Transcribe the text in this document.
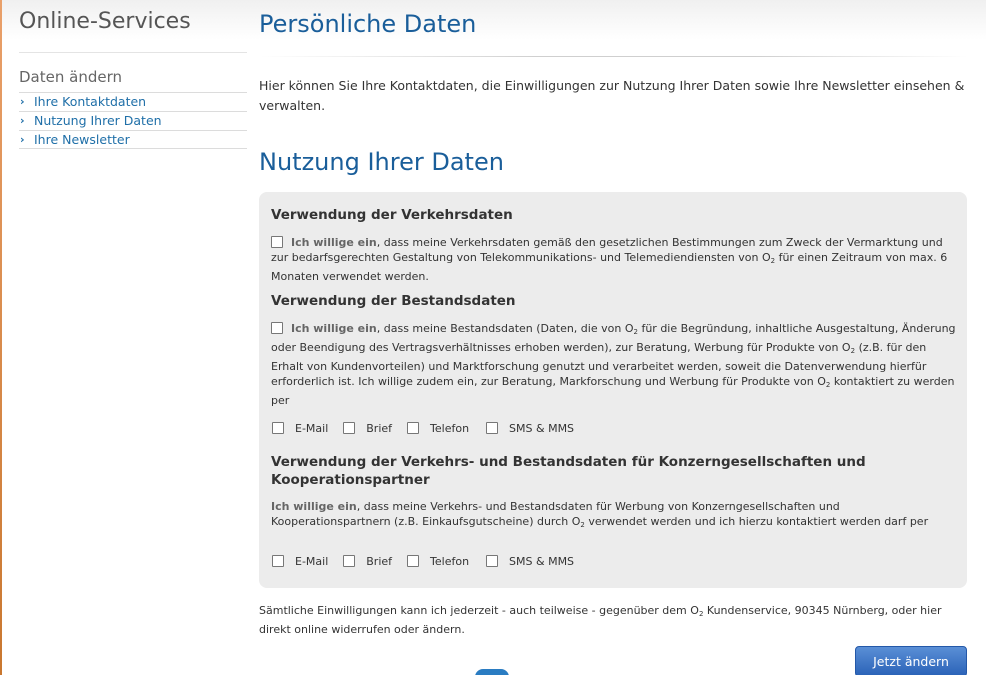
Online-Services
Daten ändern
› Ihre Kontaktdaten
› Nutzung Ihrer Daten
› Ihre Newsletter
Persönliche Daten

Hier können Sie Ihre Kontaktdaten, die Einwilligungen zur Nutzung Ihrer Daten sowie Ihre Newsletter einsehen & verwalten.

Nutzung Ihrer Daten
Verwendung der Verkehrsdaten
Ich willige ein, dass meine Verkehrsdaten gemäß den gesetzlichen Bestimmungen zum Zweck der Vermarktung und zur bedarfsgerechten Gestaltung von Telekommunikations- und Telemediendiensten von $O_2$ für einen Zeitraum von max. 6 Monaten verwendet werden.
Verwendung der Bestandsdaten
Ich willige ein, dass meine Bestandsdaten (Daten, die von $O_2$ für die Begründung, inhaltliche Ausgestaltung, Änderung oder Beendigung des Vertragsverhältnisses erhoben werden), zur Beratung, Werbung für Produkte von $O_2$ (z.B. für den Erhalt von Kundenvorteilen) und Marktforschung genutzt und verarbeitet werden, soweit die Datenverwendung hierfür erforderlich ist. Ich willige zudem ein, zur Beratung, Markforschung und Werbung für Produkte von $O_2$ kontaktiert zu werden per
E-Mail	Brief	Telefon	SMS & MMS
Verwendung der Verkehrs- und Bestandsdaten für Konzerngesellschaften und Kooperationspartner
Ich willige ein, dass meine Verkehrs- und Bestandsdaten für Werbung von Konzerngesellschaften und Kooperationspartnern (z.B. Einkaufsgutscheine) durch $O_2$ verwendet werden und ich hierzu kontaktiert werden darf per
E-Mail	Brief	Telefon	SMS & MMS

Sämtliche Einwilligungen kann ich jederzeit - auch teilweise - gegenüber dem $O_2$ Kundenservice, 90345 Nürnberg, oder hier direkt online widerrufen oder ändern.

Jetzt ändern
